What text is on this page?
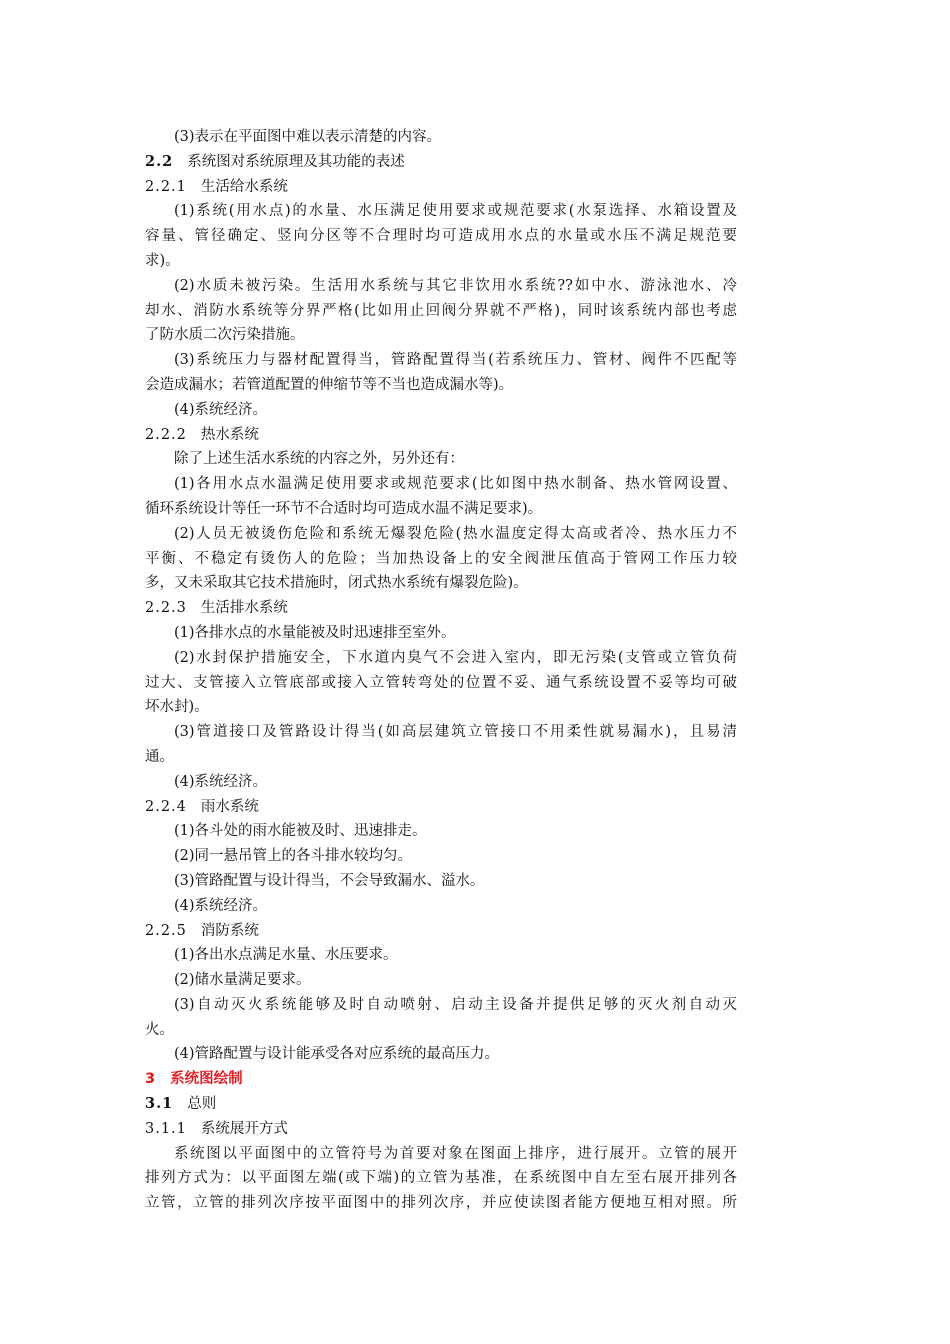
(3)表示在平面图中难以表示清楚的内容。
2.2 系统图对系统原理及其功能的表述
2.2.1 生活给水系统
(1)系统(用水点)的水量、水压满足使用要求或规范要求(水泵选择、水箱设置及
容量、管径确定、竖向分区等不合理时均可造成用水点的水量或水压不满足规范要
求)。
(2)水质未被污染。生活用水系统与其它非饮用水系统??如中水、游泳池水、冷
却水、消防水系统等分界严格(比如用止回阀分界就不严格)，同时该系统内部也考虑
了防水质二次污染措施。
(3)系统压力与器材配置得当，管路配置得当(若系统压力、管材、阀件不匹配等
会造成漏水；若管道配置的伸缩节等不当也造成漏水等)。
(4)系统经济。
2.2.2 热水系统
除了上述生活水系统的内容之外，另外还有：
(1)各用水点水温满足使用要求或规范要求(比如图中热水制备、热水管网设置、
循环系统设计等任一环节不合适时均可造成水温不满足要求)。
(2)人员无被烫伤危险和系统无爆裂危险(热水温度定得太高或者冷、热水压力不
平衡、不稳定有烫伤人的危险；当加热设备上的安全阀泄压值高于管网工作压力较
多，又未采取其它技术措施时，闭式热水系统有爆裂危险)。
2.2.3 生活排水系统
(1)各排水点的水量能被及时迅速排至室外。
(2)水封保护措施安全，下水道内臭气不会进入室内，即无污染(支管或立管负荷
过大、支管接入立管底部或接入立管转弯处的位置不妥、通气系统设置不妥等均可破
坏水封)。
(3)管道接口及管路设计得当(如高层建筑立管接口不用柔性就易漏水)，且易清
通。
(4)系统经济。
2.2.4 雨水系统
(1)各斗处的雨水能被及时、迅速排走。
(2)同一悬吊管上的各斗排水较均匀。
(3)管路配置与设计得当，不会导致漏水、溢水。
(4)系统经济。
2.2.5 消防系统
(1)各出水点满足水量、水压要求。
(2)储水量满足要求。
(3)自动灭火系统能够及时自动喷射、启动主设备并提供足够的灭火剂自动灭
火。
(4)管路配置与设计能承受各对应系统的最高压力。
3 系统图绘制
3.1 总则
3.1.1 系统展开方式
系统图以平面图中的立管符号为首要对象在图面上排序，进行展开。立管的展开
排列方式为：以平面图左端(或下端)的立管为基准，在系统图中自左至右展开排列各
立管，立管的排列次序按平面图中的排列次序，并应使读图者能方便地互相对照。所
